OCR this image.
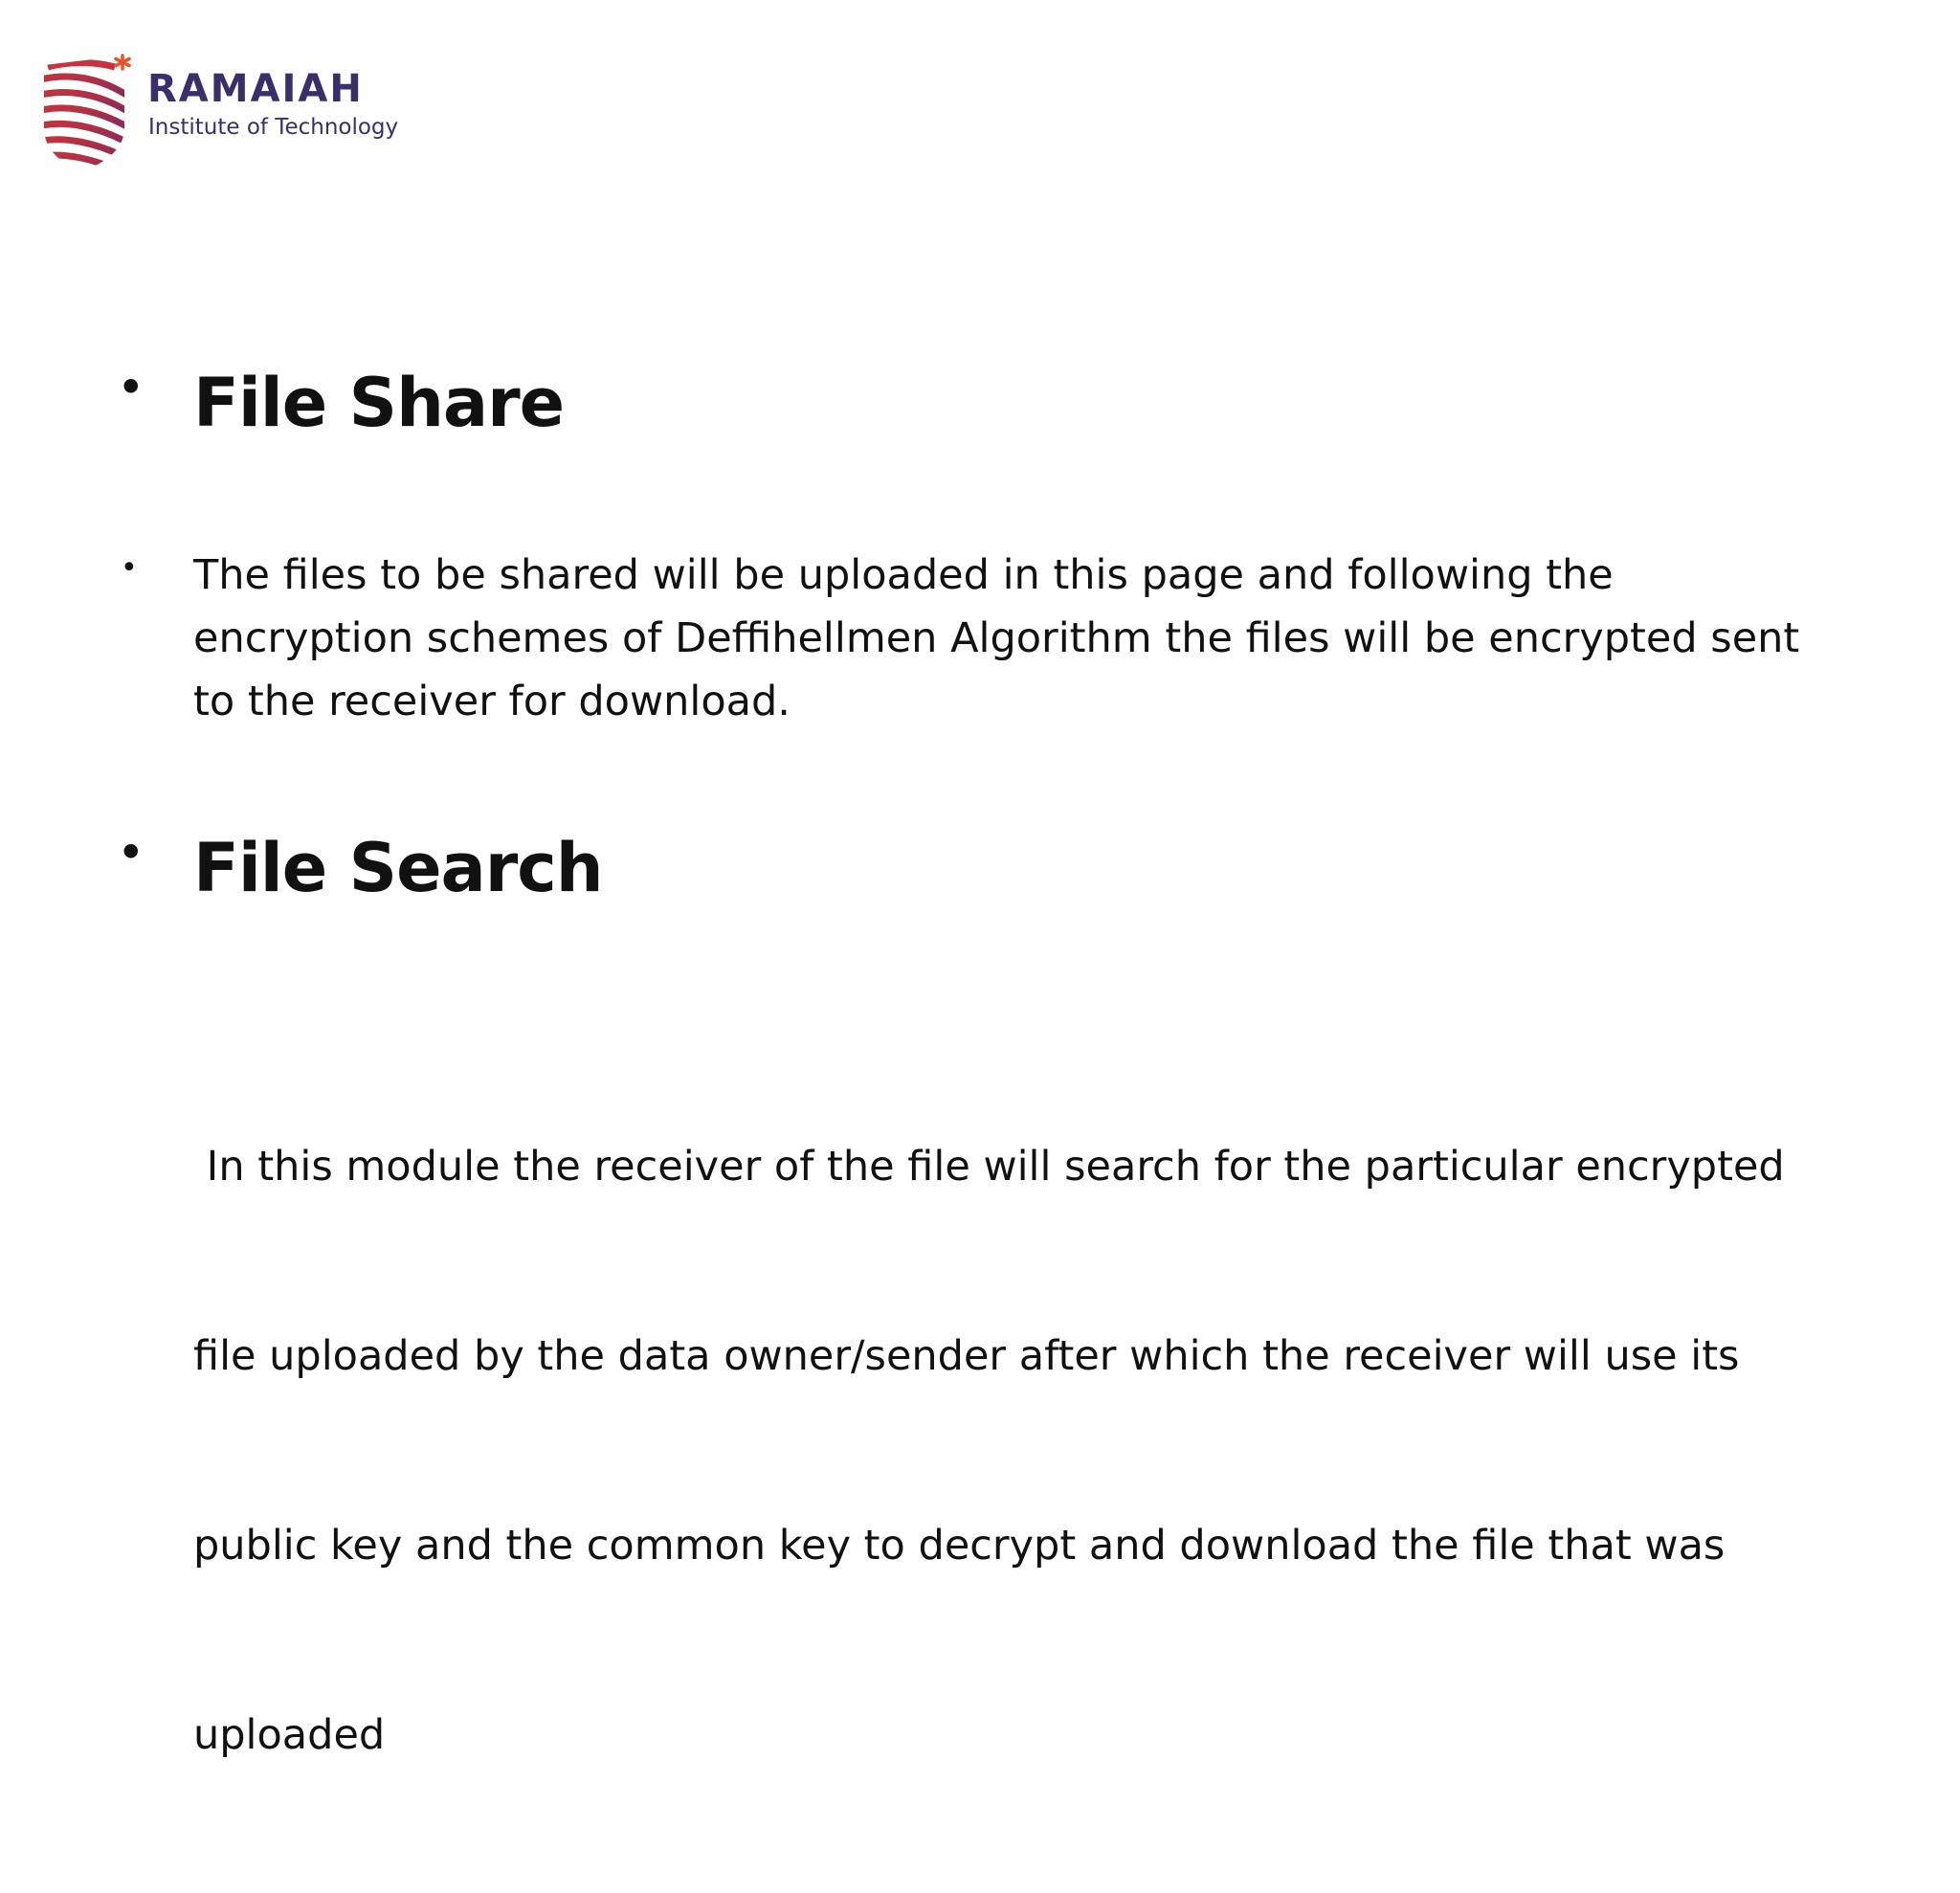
RAMAIAH
Institute of Technology
• File Share
• The files to be shared will be uploaded in this page and following the
encryption schemes of Deffihellmen Algorithm the files will be encrypted sent
to the receiver for download.
• File Search

In this module the receiver of the file will search for the particular encrypted

file uploaded by the data owner/sender after which the receiver will use its

public key and the common key to decrypt and download the file that was

uploaded
